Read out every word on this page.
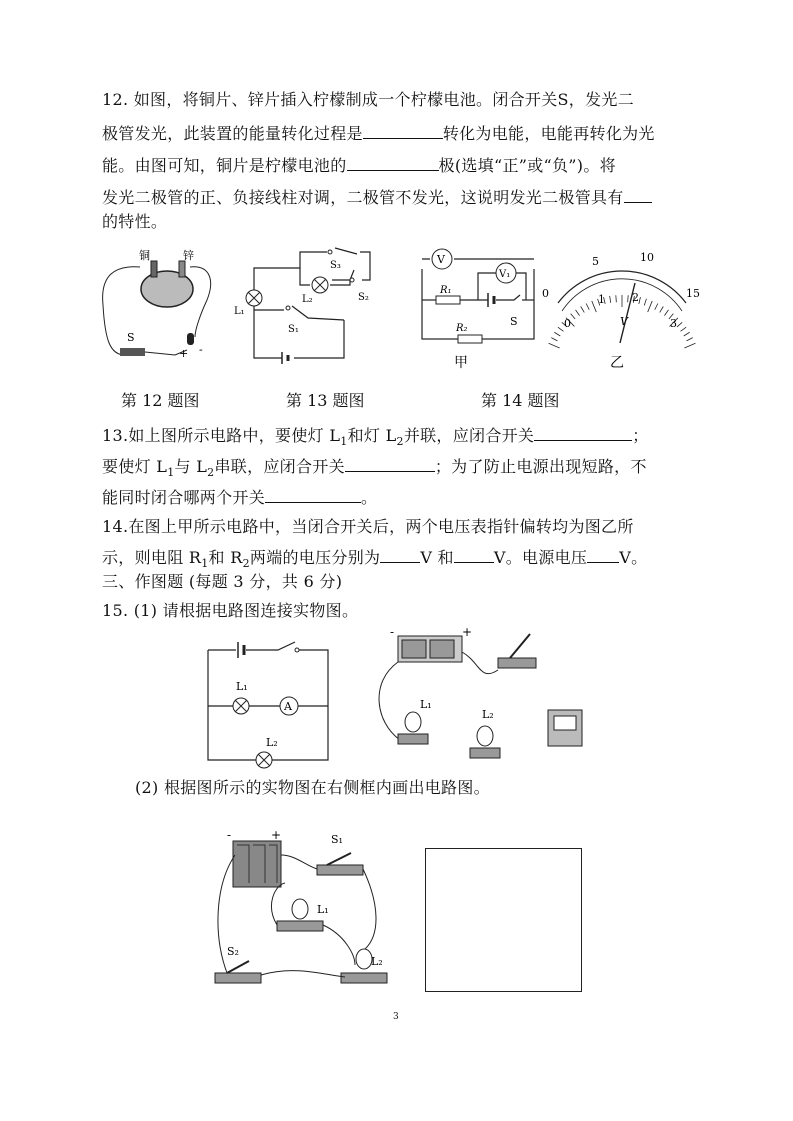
12. 如图，将铜片、锌片插入柠檬制成一个柠檬电池。闭合开关S，发光二
极管发光，此装置的能量转化过程是	转化为电能，电能再转化为光
能。由图可知，铜片是柠檬电池的	极(选填“正”或“负”)。将
发光二极管的正、负接线柱对调，二极管不发光，这说明发光二极管具有
的特性。
铜	锌
S
+ -
S₃
S₂
S₁
L₁
L₂
V
V₁
R₁
R₂
S
甲
0
5	10
15
0
1 2
3
V
乙
第 12 题图	第 13 题图	第 14 题图
13.如上图所示电路中，要使灯 $L_1$和灯 $L_2$并联，应闭合开关	；
要使灯 $L_1$与 $L_2$串联，应闭合开关	；为了防止电源出现短路，不
能同时闭合哪两个开关	。
14.在图上甲所示电路中，当闭合开关后，两个电压表指针偏转均为图乙所
示，则电阻 $R_1$和 $R_2$两端的电压分别为	V 和	V。电源电压 V。
三、作图题 (每题 3 分，共 6 分)
15. (1) 请根据电路图连接实物图。
A
L₁
L₂
-	+
L₁
L₂
(2) 根据图所示的实物图在右侧框内画出电路图。
-	+	S₁
L₁
S₂
L₂
3
